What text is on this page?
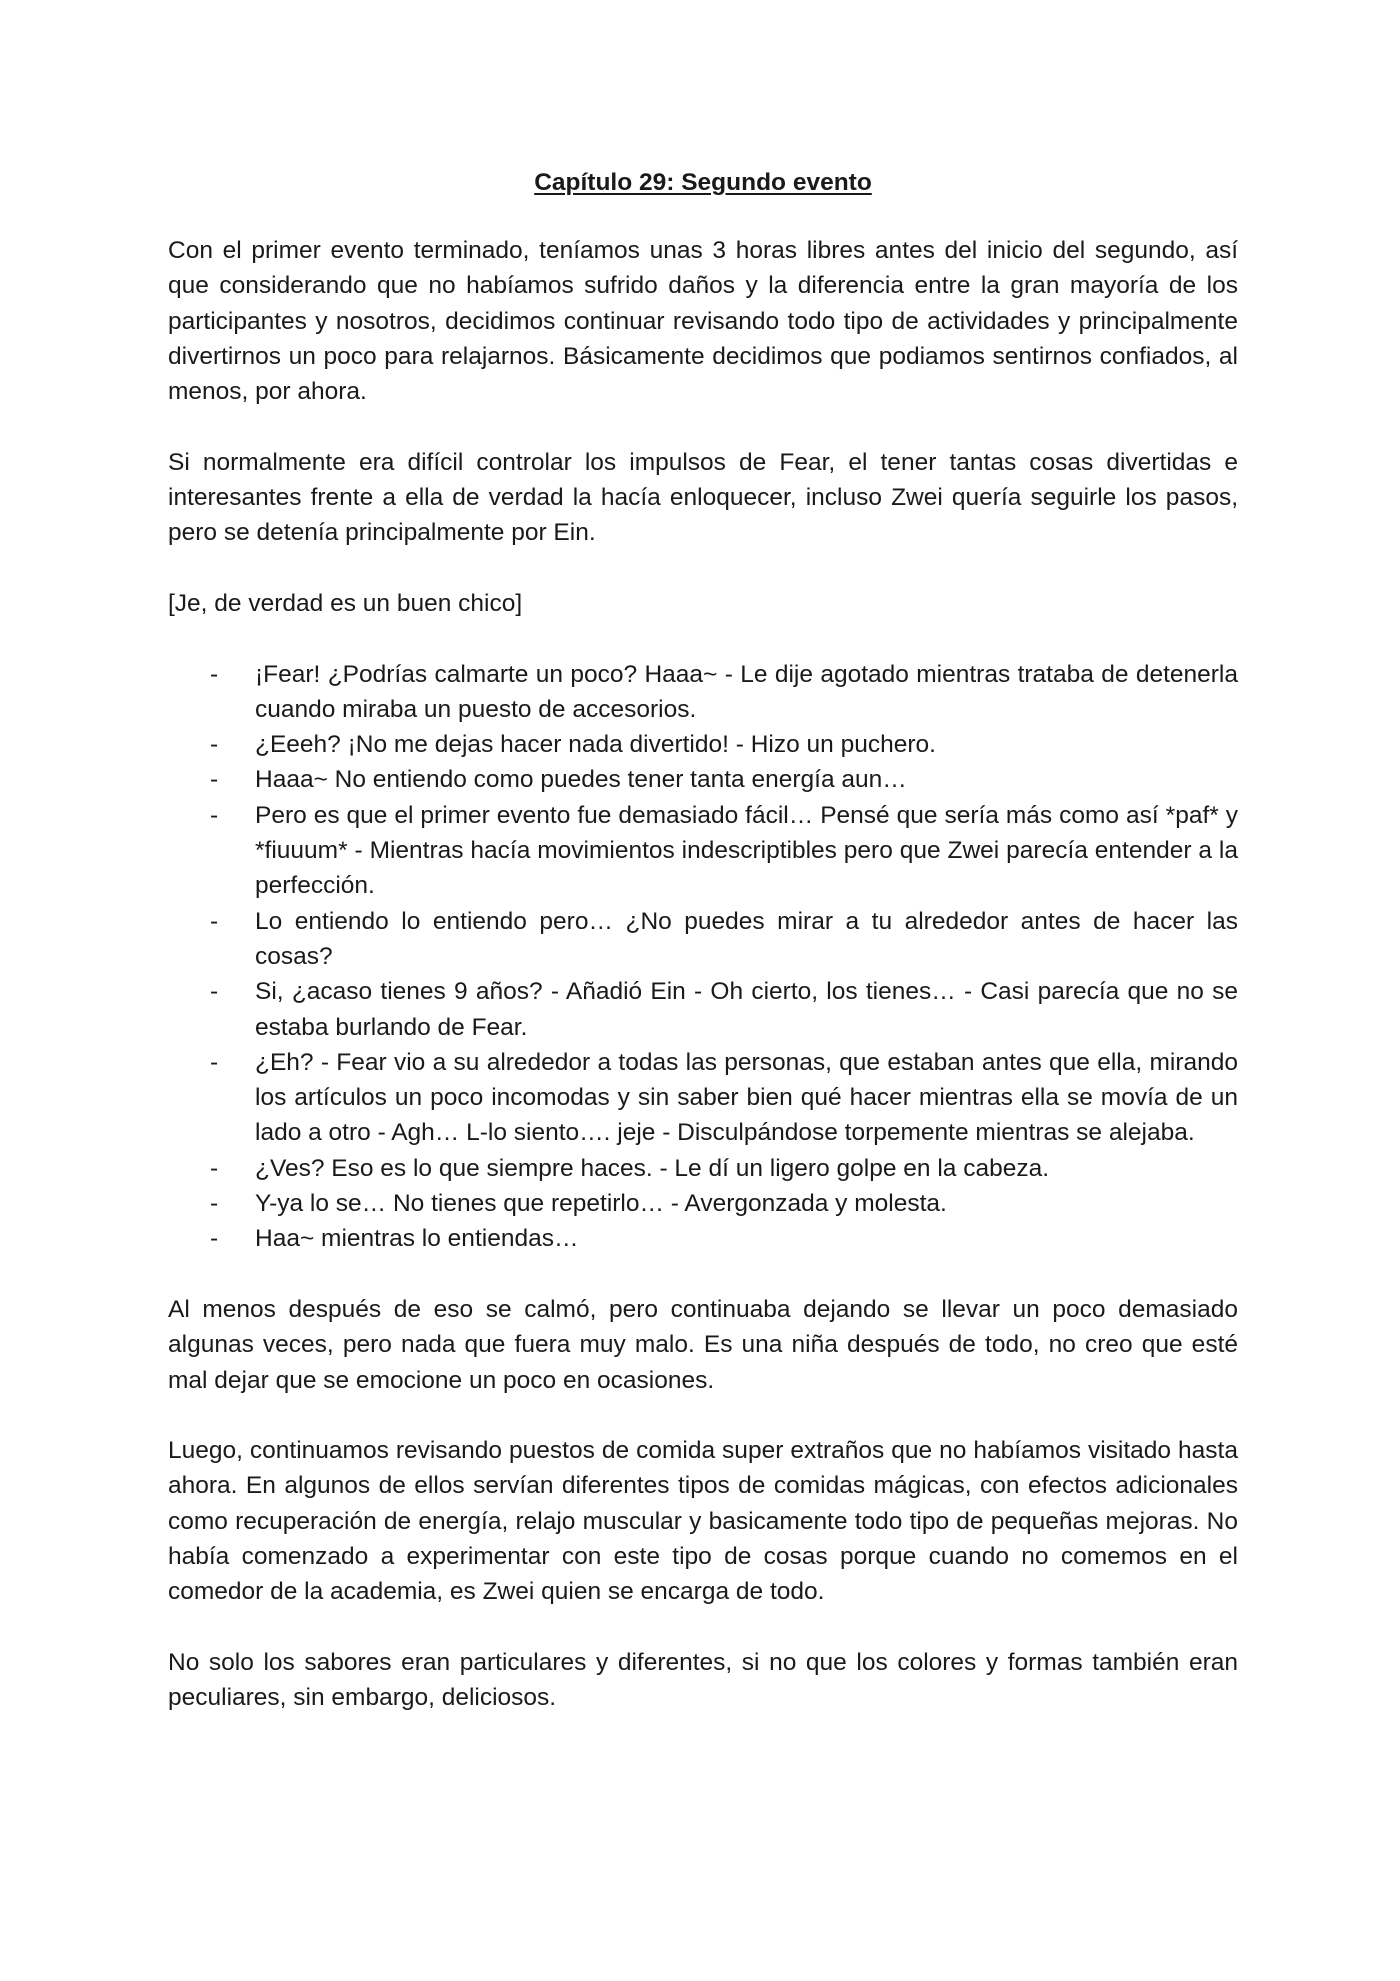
Capítulo 29: Segundo evento

Con el primer evento terminado, teníamos unas 3 horas libres antes del inicio del segundo, así que considerando que no habíamos sufrido daños y la diferencia entre la gran mayoría de los participantes y nosotros, decidimos continuar revisando todo tipo de actividades y principalmente divertirnos un poco para relajarnos. Básicamente decidimos que podiamos sentirnos confiados, al menos, por ahora.

Si normalmente era difícil controlar los impulsos de Fear, el tener tantas cosas divertidas e interesantes frente a ella de verdad la hacía enloquecer, incluso Zwei quería seguirle los pasos, pero se detenía principalmente por Ein.

[Je, de verdad es un buen chico]

- ¡Fear! ¿Podrías calmarte un poco? Haaa~ - Le dije agotado mientras trataba de detenerla cuando miraba un puesto de accesorios.
- ¿Eeeh? ¡No me dejas hacer nada divertido! - Hizo un puchero.
- Haaa~ No entiendo como puedes tener tanta energía aun…
- Pero es que el primer evento fue demasiado fácil… Pensé que sería más como así *paf* y *fiuuum* - Mientras hacía movimientos indescriptibles pero que Zwei parecía entender a la perfección.
- Lo entiendo lo entiendo pero… ¿No puedes mirar a tu alrededor antes de hacer las cosas?
- Si, ¿acaso tienes 9 años? - Añadió Ein - Oh cierto, los tienes… - Casi parecía que no se estaba burlando de Fear.
- ¿Eh? - Fear vio a su alrededor a todas las personas, que estaban antes que ella, mirando los artículos un poco incomodas y sin saber bien qué hacer mientras ella se movía de un lado a otro - Agh… L-lo siento…. jeje - Disculpándose torpemente mientras se alejaba.
- ¿Ves? Eso es lo que siempre haces. - Le dí un ligero golpe en la cabeza.
- Y-ya lo se… No tienes que repetirlo… - Avergonzada y molesta.
- Haa~ mientras lo entiendas…

Al menos después de eso se calmó, pero continuaba dejando se llevar un poco demasiado algunas veces, pero nada que fuera muy malo. Es una niña después de todo, no creo que esté mal dejar que se emocione un poco en ocasiones.

Luego, continuamos revisando puestos de comida super extraños que no habíamos visitado hasta ahora. En algunos de ellos servían diferentes tipos de comidas mágicas, con efectos adicionales como recuperación de energía, relajo muscular y basicamente todo tipo de pequeñas mejoras. No había comenzado a experimentar con este tipo de cosas porque cuando no comemos en el comedor de la academia, es Zwei quien se encarga de todo.

No solo los sabores eran particulares y diferentes, si no que los colores y formas también eran peculiares, sin embargo, deliciosos.
